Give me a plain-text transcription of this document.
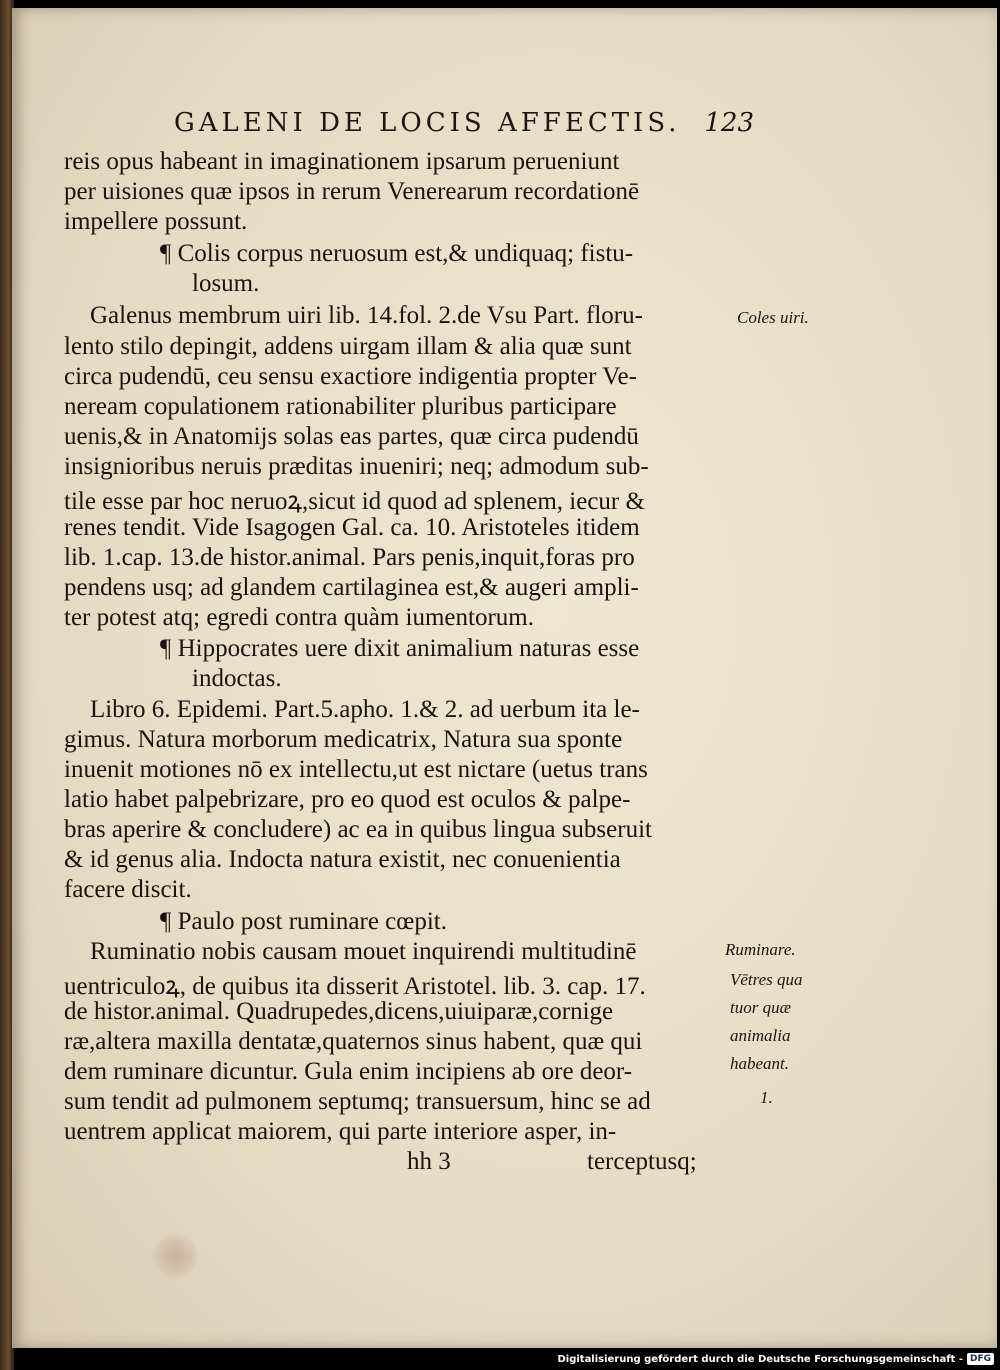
GALENI DE LOCIS AFFECTIS. 123
reis opus habeant in imaginationem ipsarum perueniunt
per uisiones quæ ipsos in rerum Venerearum recordationē
impellere possunt.
¶ Colis corpus neruosum est,& undiquaq; fistu-
losum.
Galenus membrum uiri lib. 14.fol. 2.de Vsu Part. floru-
lento stilo depingit, addens uirgam illam & alia quæ sunt
circa pudendū, ceu sensu exactiore indigentia propter Ve-
neream copulationem rationabiliter pluribus participare
uenis,& in Anatomijs solas eas partes, quæ circa pudendū
insignioribus neruis præditas inueniri; neq; admodum sub-
tile esse par hoc neruoꝝ,sicut id quod ad splenem, iecur &
renes tendit. Vide Isagogen Gal. ca. 10. Aristoteles itidem
lib. 1.cap. 13.de histor.animal. Pars penis,inquit,foras pro
pendens usq; ad glandem cartilaginea est,& augeri ampli-
ter potest atq; egredi contra quàm iumentorum.
¶ Hippocrates uere dixit animalium naturas esse
indoctas.
Libro 6. Epidemi. Part.5.apho. 1.& 2. ad uerbum ita le-
gimus. Natura morborum medicatrix, Natura sua sponte
inuenit motiones nō ex intellectu,ut est nictare (uetus trans
latio habet palpebrizare, pro eo quod est oculos & palpe-
bras aperire & concludere) ac ea in quibus lingua subseruit
& id genus alia. Indocta natura existit, nec conuenientia
facere discit.
¶ Paulo post ruminare cœpit.
Ruminatio nobis causam mouet inquirendi multitudinē
uentriculoꝝ, de quibus ita disserit Aristotel. lib. 3. cap. 17.
de histor.animal. Quadrupedes,dicens,uiuiparæ,cornige
ræ,altera maxilla dentatæ,quaternos sinus habent, quæ qui
dem ruminare dicuntur. Gula enim incipiens ab ore deor-
sum tendit ad pulmonem septumq; transuersum, hinc se ad
uentrem applicat maiorem, qui parte interiore asper, in-
hh 3	terceptusq;
Coles uiri.
Ruminare.
Vētres qua
tuor quæ
animalia
habeant.
1.
Digitalisierung gefördert durch die Deutsche Forschungsgemeinschaft - DFG
